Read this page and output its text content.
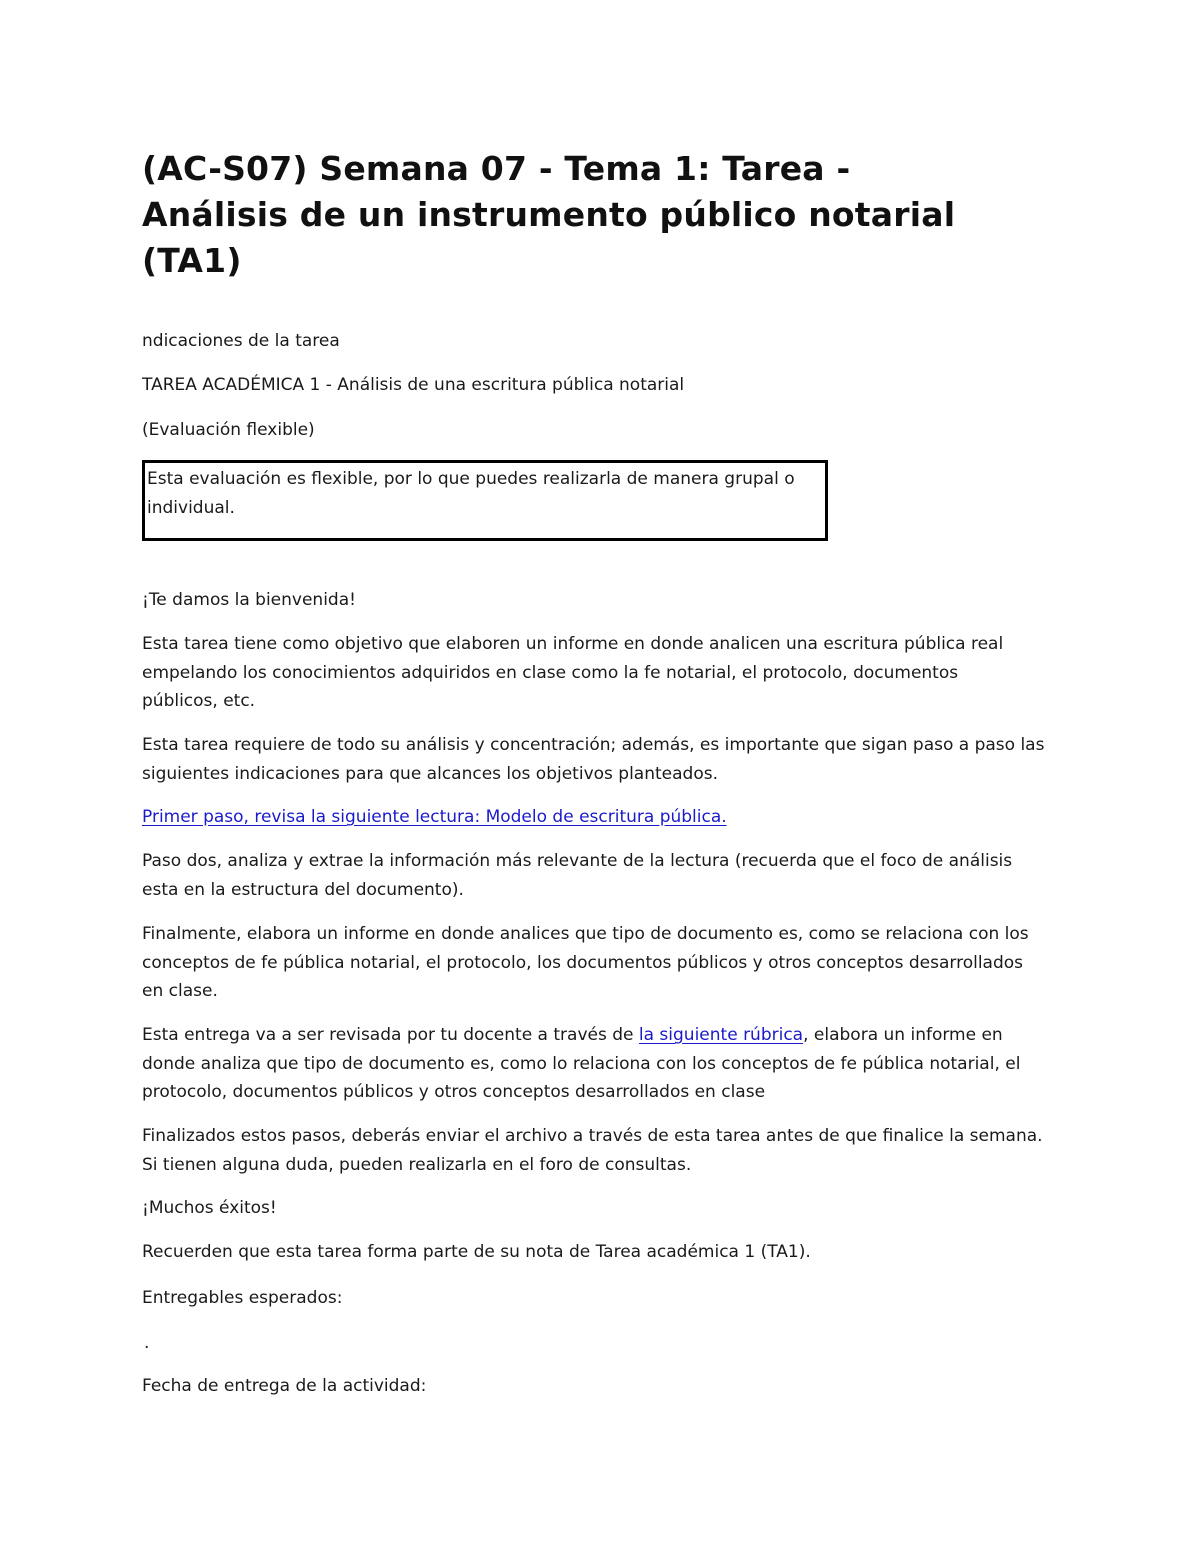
(AC-S07) Semana 07 - Tema 1: Tarea -
Análisis de un instrumento público notarial
(TA1)

ndicaciones de la tarea

TAREA ACADÉMICA 1 - Análisis de una escritura pública notarial

(Evaluación flexible)

¡Te damos la bienvenida!

Esta tarea tiene como objetivo que elaboren un informe en donde analicen una escritura pública real
empelando los conocimientos adquiridos en clase como la fe notarial, el protocolo, documentos
públicos, etc.

Esta tarea requiere de todo su análisis y concentración; además, es importante que sigan paso a paso las
siguientes indicaciones para que alcances los objetivos planteados.

Primer paso, revisa la siguiente lectura: Modelo de escritura pública.

Paso dos, analiza y extrae la información más relevante de la lectura (recuerda que el foco de análisis
esta en la estructura del documento).

Finalmente, elabora un informe en donde analices que tipo de documento es, como se relaciona con los
conceptos de fe pública notarial, el protocolo, los documentos públicos y otros conceptos desarrollados
en clase.

Esta entrega va a ser revisada por tu docente a través de la siguiente rúbrica, elabora un informe en
donde analiza que tipo de documento es, como lo relaciona con los conceptos de fe pública notarial, el
protocolo, documentos públicos y otros conceptos desarrollados en clase

Finalizados estos pasos, deberás enviar el archivo a través de esta tarea antes de que finalice la semana.
Si tienen alguna duda, pueden realizarla en el foro de consultas.

¡Muchos éxitos!

Recuerden que esta tarea forma parte de su nota de Tarea académica 1 (TA1).

Entregables esperados:

.

Fecha de entrega de la actividad:

Esta evaluación es flexible, por lo que puedes realizarla de manera grupal o
individual.
